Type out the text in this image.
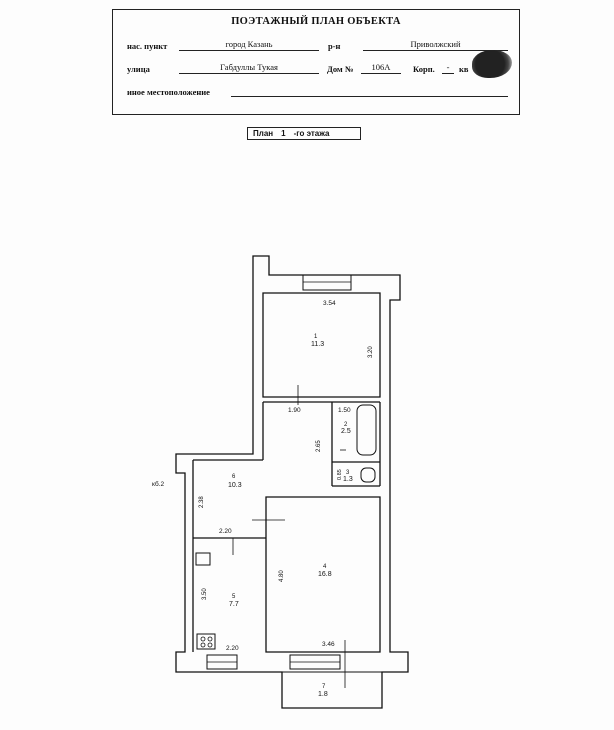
ПОЭТАЖНЫЙ ПЛАН ОБЪЕКТА
нас. пункт	город Казань	р-н	Приволжский
улица	Габдуллы Тукая	Дом №	106А	Корп.	-	кв
иное местоположение
План 1 -го этажа
3.54
1
11.3
3.20
1.90
2.65
1.50
2
2.5
3
1.3
0.85
кб.2
6
10.3
2.38
2.20
5
7.7
3.50
2.20
4
16.8
4.80
3.46
7
1.8
